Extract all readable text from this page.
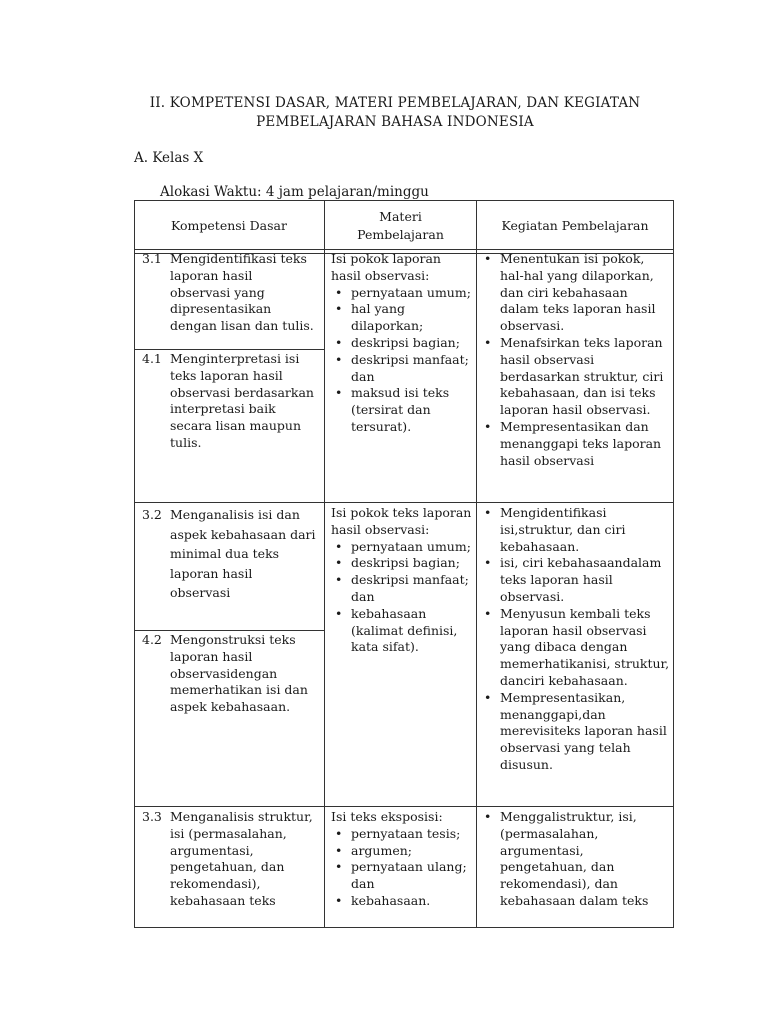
II. KOMPETENSI DASAR, MATERI PEMBELAJARAN, DAN KEGIATAN
PEMBELAJARAN BAHASA INDONESIA
A. Kelas X
Alokasi Waktu: 4 jam pelajaran/minggu
Kompetensi Dasar
Materi
Pembelajaran
Kegiatan Pembelajaran
3.1 Mengidentifikasi teks laporan hasil observasi yang dipresentasikan dengan lisan dan tulis.
4.1 Menginterpretasi isi teks laporan hasil observasi berdasarkan interpretasi baik secara lisan maupun tulis.
Isi pokok laporan hasil observasi:
• pernyataan umum;
• hal yang dilaporkan;
• deskripsi bagian;
• deskripsi manfaat; dan
• maksud isi teks (tersirat dan tersurat).
• Menentukan isi pokok, hal-hal yang dilaporkan, dan ciri kebahasaan dalam teks laporan hasil observasi.
• Menafsirkan teks laporan hasil observasi berdasarkan struktur, ciri kebahasaan, dan isi teks laporan hasil observasi.
• Mempresentasikan dan menanggapi teks laporan hasil observasi
3.2 Menganalisis isi dan aspek kebahasaan dari minimal dua teks laporan hasil observasi
4.2 Mengonstruksi teks laporan hasil observasidengan memerhatikan isi dan aspek kebahasaan.
Isi pokok teks laporan hasil observasi:
• pernyataan umum;
• deskripsi bagian;
• deskripsi manfaat; dan
• kebahasaan (kalimat definisi, kata sifat).
• Mengidentifikasi isi,struktur, dan ciri kebahasaan.
• isi, ciri kebahasaandalam teks laporan hasil observasi.
• Menyusun kembali teks laporan hasil observasi yang dibaca dengan memerhatikanisi, struktur, danciri kebahasaan.
• Mempresentasikan, menanggapi,dan merevisiteks laporan hasil observasi yang telah disusun.
3.3 Menganalisis struktur, isi (permasalahan, argumentasi, pengetahuan, dan rekomendasi), kebahasaan teks
Isi teks eksposisi:
• pernyataan tesis;
• argumen;
• pernyataan ulang; dan
• kebahasaan.
• Menggalistruktur, isi,(permasalahan, argumentasi, pengetahuan, dan rekomendasi), dan kebahasaan dalam teks
